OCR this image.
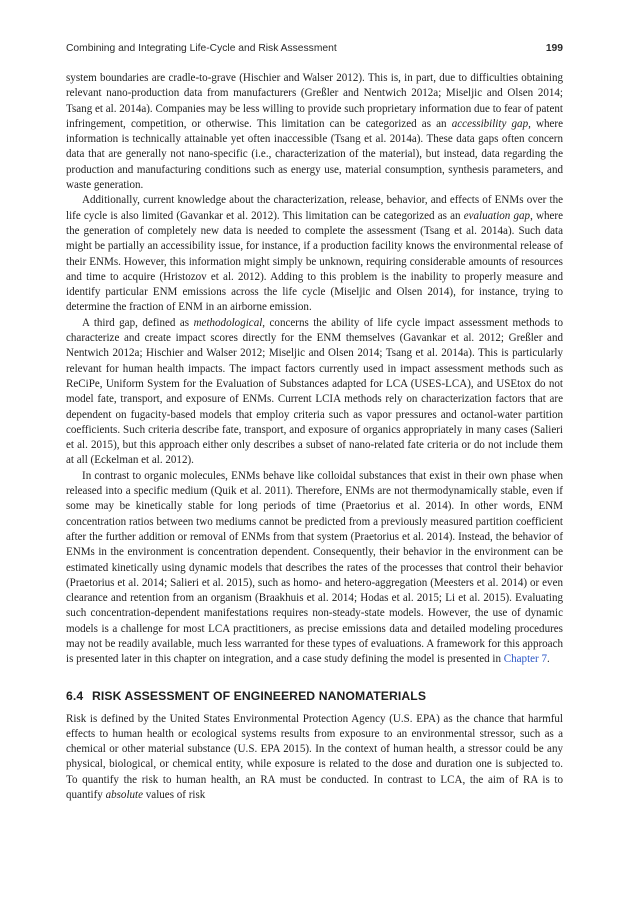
Combining and Integrating Life-Cycle and Risk Assessment	199

system boundaries are cradle-to-grave (Hischier and Walser 2012). This is, in part, due to difficulties obtaining relevant nano-production data from manufacturers (Greßler and Nentwich 2012a; Miseljic and Olsen 2014; Tsang et al. 2014a). Companies may be less willing to provide such proprietary information due to fear of patent infringement, competition, or otherwise. This limitation can be categorized as an accessibility gap, where information is technically attainable yet often inaccessible (Tsang et al. 2014a). These data gaps often concern data that are generally not nano-specific (i.e., characterization of the material), but instead, data regarding the production and manufacturing conditions such as energy use, material consumption, synthesis parameters, and waste generation.

Additionally, current knowledge about the characterization, release, behavior, and effects of ENMs over the life cycle is also limited (Gavankar et al. 2012). This limitation can be categorized as an evaluation gap, where the generation of completely new data is needed to complete the assessment (Tsang et al. 2014a). Such data might be partially an accessibility issue, for instance, if a production facility knows the environmental release of their ENMs. However, this information might simply be unknown, requiring considerable amounts of resources and time to acquire (Hristozov et al. 2012). Adding to this problem is the inability to properly measure and identify particular ENM emissions across the life cycle (Miseljic and Olsen 2014), for instance, trying to determine the fraction of ENM in an airborne emission.

A third gap, defined as methodological, concerns the ability of life cycle impact assessment methods to characterize and create impact scores directly for the ENM themselves (Gavankar et al. 2012; Greßler and Nentwich 2012a; Hischier and Walser 2012; Miseljic and Olsen 2014; Tsang et al. 2014a). This is particularly relevant for human health impacts. The impact factors currently used in impact assessment methods such as ReCiPe, Uniform System for the Evaluation of Substances adapted for LCA (USES-LCA), and USEtox do not model fate, transport, and exposure of ENMs. Current LCIA methods rely on characterization factors that are dependent on fugacity-based models that employ criteria such as vapor pressures and octanol-water partition coefficients. Such criteria describe fate, transport, and exposure of organics appropriately in many cases (Salieri et al. 2015), but this approach either only describes a subset of nano-related fate criteria or do not include them at all (Eckelman et al. 2012).

In contrast to organic molecules, ENMs behave like colloidal substances that exist in their own phase when released into a specific medium (Quik et al. 2011). Therefore, ENMs are not thermodynamically stable, even if some may be kinetically stable for long periods of time (Praetorius et al. 2014). In other words, ENM concentration ratios between two mediums cannot be predicted from a previously measured partition coefficient after the further addition or removal of ENMs from that system (Praetorius et al. 2014). Instead, the behavior of ENMs in the environment is concentration dependent. Consequently, their behavior in the environment can be estimated kinetically using dynamic models that describes the rates of the processes that control their behavior (Praetorius et al. 2014; Salieri et al. 2015), such as homo- and hetero-aggregation (Meesters et al. 2014) or even clearance and retention from an organism (Braakhuis et al. 2014; Hodas et al. 2015; Li et al. 2015). Evaluating such concentration-dependent manifestations requires non-steady-state models. However, the use of dynamic models is a challenge for most LCA practitioners, as precise emissions data and detailed modeling procedures may not be readily available, much less warranted for these types of evaluations. A framework for this approach is presented later in this chapter on integration, and a case study defining the model is presented in Chapter 7.

6.4 RISK ASSESSMENT OF ENGINEERED NANOMATERIALS

Risk is defined by the United States Environmental Protection Agency (U.S. EPA) as the chance that harmful effects to human health or ecological systems results from exposure to an environmental stressor, such as a chemical or other material substance (U.S. EPA 2015). In the context of human health, a stressor could be any physical, biological, or chemical entity, while exposure is related to the dose and duration one is subjected to. To quantify the risk to human health, an RA must be conducted. In contrast to LCA, the aim of RA is to quantify absolute values of risk
